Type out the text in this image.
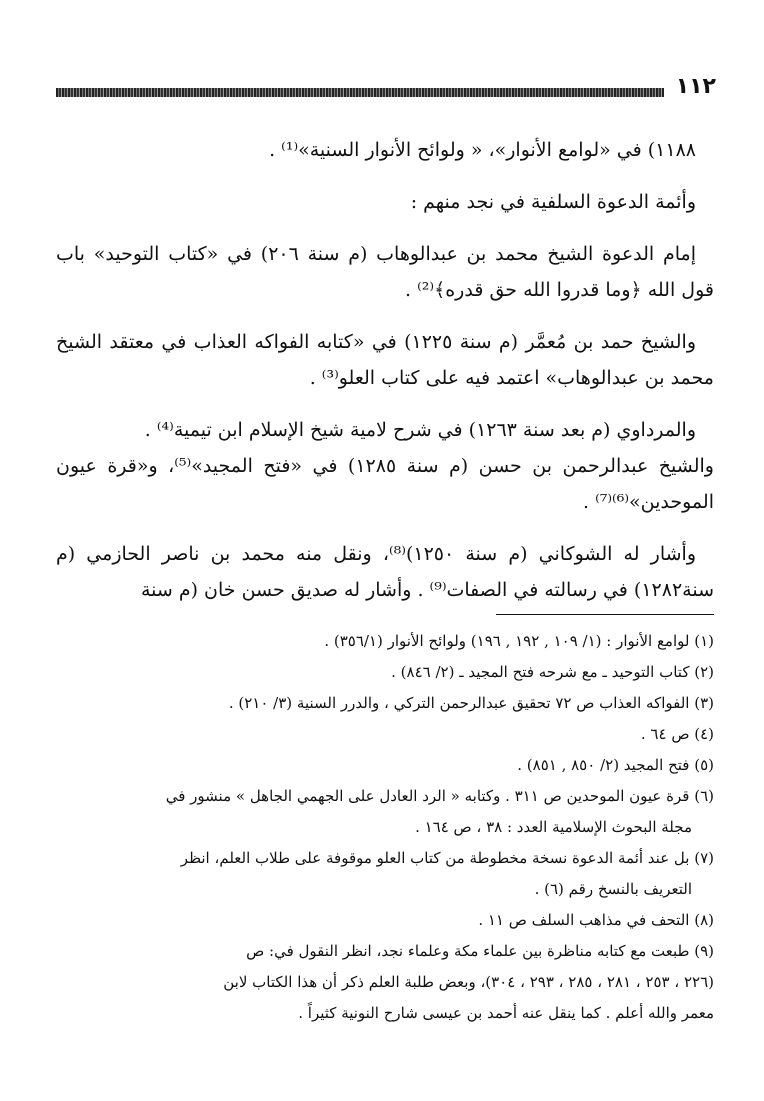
١١٢

١١٨٨) في «لوامع الأنوار»، « ولوائح الأنوار السنية»⁽¹⁾ .

وأئمة الدعوة السلفية في نجد منهم :

إمام الدعوة الشيخ محمد بن عبدالوهاب (م سنة ٢٠٦) في «كتاب التوحيد» باب قول الله ﴿وما قدروا الله حق قدره﴾⁽²⁾ .

والشيخ حمد بن مُعمَّر (م سنة ١٢٢٥) في «كتابه الفواكه العذاب في معتقد الشيخ محمد بن عبدالوهاب» اعتمد فيه على كتاب العلو⁽³⁾ .

والمرداوي (م بعد سنة ١٢٦٣) في شرح لامية شيخ الإسلام ابن تيمية⁽⁴⁾ .

والشيخ عبدالرحمن بن حسن (م سنة ١٢٨٥) في «فتح المجيد»⁽⁵⁾، و«قرة عيون الموحدين»⁽⁶⁾⁽⁷⁾ .

وأشار له الشوكاني (م سنة ١٢٥٠)⁽⁸⁾، ونقل منه محمد بن ناصر الحازمي (م سنة١٢٨٢) في رسالته في الصفات⁽⁹⁾ . وأشار له صديق حسن خان (م سنة

(١) لوامع الأنوار : (١/ ١٠٩ , ١٩٢ , ١٩٦) ولوائح الأنوار (٣٥٦/١) .

(٢) كتاب التوحيد ـ مع شرحه فتح المجيد ـ (٢/ ٨٤٦) .

(٣) الفواكه العذاب ص ٧٢ تحقيق عبدالرحمن التركي ، والدرر السنية (٣/ ٢١٠) .

(٤) ص ٦٤ .

(٥) فتح المجيد (٢/ ٨٥٠ , ٨٥١) .

(٦) قرة عيون الموحدين ص ٣١١ . وكتابه « الرد العادل على الجهمي الجاهل » منشور في

مجلة البحوث الإسلامية العدد : ٣٨ ، ص ١٦٤ .

(٧) بل عند أئمة الدعوة نسخة مخطوطة من كتاب العلو موقوفة على طلاب العلم، انظر

التعريف بالنسخ رقم (٦) .

(٨) التحف في مذاهب السلف ص ١١ .

(٩) طبعت مع كتابه مناظرة بين علماء مكة وعلماء نجد، انظر النقول في: ص

(٢٢٦ ، ٢٥٣ ، ٢٨١ ، ٢٨٥ ، ٢٩٣ ، ٣٠٤)، وبعض طلبة العلم ذكر أن هذا الكتاب لابن

معمر والله أعلم . كما ينقل عنه أحمد بن عيسى شارح النونية كثيراً .
